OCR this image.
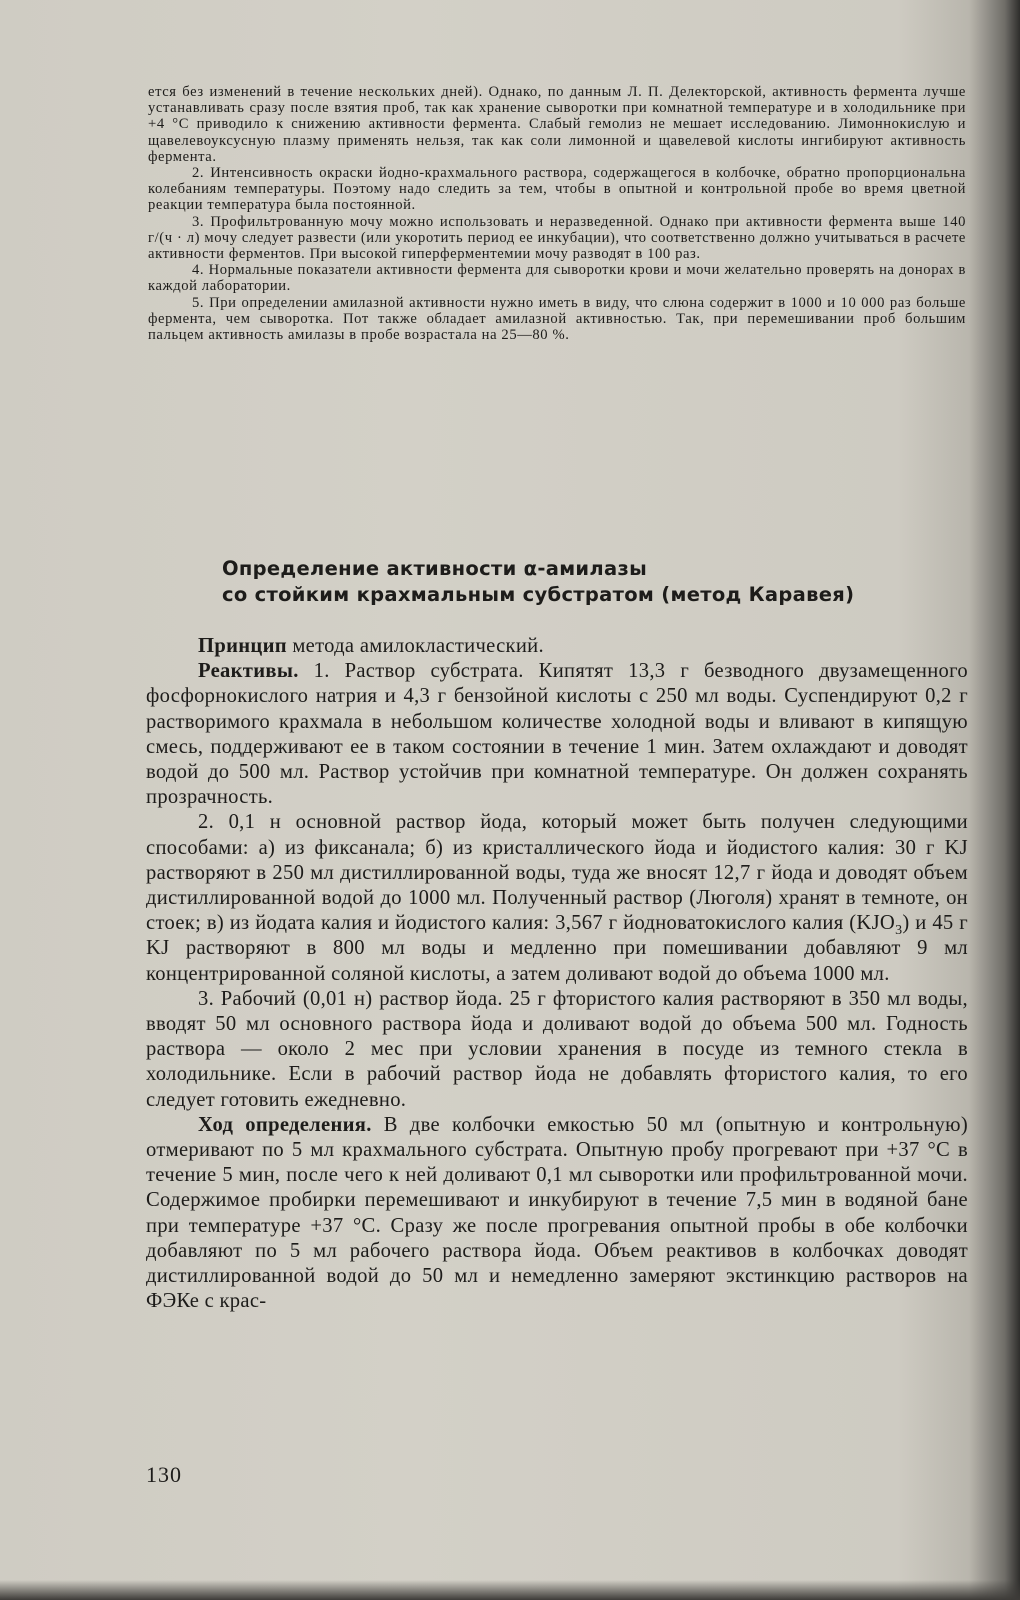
ется без изменений в течение нескольких дней). Однако, по данным Л. П. Делекторской, активность фермента лучше устанавливать сразу после взятия проб, так как хранение сыворотки при комнатной температуре и в холодильнике при +4 °С приводило к снижению активности фермента. Слабый гемолиз не мешает исследованию. Лимоннокислую и щавелевоуксусную плазму применять нельзя, так как соли лимонной и щавелевой кислоты ингибируют активность фермента.

2. Интенсивность окраски йодно-крахмального раствора, содержащегося в колбочке, обратно пропорциональна колебаниям температуры. Поэтому надо следить за тем, чтобы в опытной и контрольной пробе во время цветной реакции температура была постоянной.

3. Профильтрованную мочу можно использовать и неразведенной. Однако при активности фермента выше 140 г/(ч · л) мочу следует развести (или укоротить период ее инкубации), что соответственно должно учитываться в расчете активности ферментов. При высокой гиперферментемии мочу разводят в 100 раз.

4. Нормальные показатели активности фермента для сыворотки крови и мочи желательно проверять на донорах в каждой лаборатории.

5. При определении амилазной активности нужно иметь в виду, что слюна содержит в 1000 и 10 000 раз больше фермента, чем сыворотка. Пот также обладает амилазной активностью. Так, при перемешивании проб большим пальцем активность амилазы в пробе возрастала на 25—80 %.

Определение активности α-амилазы
со стойким крахмальным субстратом (метод Каравея)

Принцип метода амилокластический.

Реактивы. 1. Раствор субстрата. Кипятят 13,3 г безводного двузамещенного фосфорнокислого натрия и 4,3 г бензойной кислоты с 250 мл воды. Суспендируют 0,2 г растворимого крахмала в небольшом количестве холодной воды и вливают в кипящую смесь, поддерживают ее в таком состоянии в течение 1 мин. Затем охлаждают и доводят водой до 500 мл. Раствор устойчив при комнатной температуре. Он должен сохранять прозрачность.

2. 0,1 н основной раствор йода, который может быть получен следующими способами: а) из фиксанала; б) из кристаллического йода и йодистого калия: 30 г KJ растворяют в 250 мл дистиллированной воды, туда же вносят 12,7 г йода и доводят объем дистиллированной водой до 1000 мл. Полученный раствор (Люголя) хранят в темноте, он стоек; в) из йодата калия и йодистого калия: 3,567 г йодноватокислого калия $(KJO_3)$ и 45 г KJ растворяют в 800 мл воды и медленно при помешивании добавляют 9 мл концентрированной соляной кислоты, а затем доливают водой до объема 1000 мл.

3. Рабочий (0,01 н) раствор йода. 25 г фтористого калия растворяют в 350 мл воды, вводят 50 мл основного раствора йода и доливают водой до объема 500 мл. Годность раствора — около 2 мес при условии хранения в посуде из темного стекла в холодильнике. Если в рабочий раствор йода не добавлять фтористого калия, то его следует готовить ежедневно.

Ход определения. В две колбочки емкостью 50 мл (опытную и контрольную) отмеривают по 5 мл крахмального субстрата. Опытную пробу прогревают при +37 °С в течение 5 мин, после чего к ней доливают 0,1 мл сыворотки или профильтрованной мочи. Содержимое пробирки перемешивают и инкубируют в течение 7,5 мин в водяной бане при температуре +37 °С. Сразу же после прогревания опытной пробы в обе колбочки добавляют по 5 мл рабочего раствора йода. Объем реактивов в колбочках доводят дистиллированной водой до 50 мл и немедленно замеряют экстинкцию растворов на ФЭКе с крас-

130
